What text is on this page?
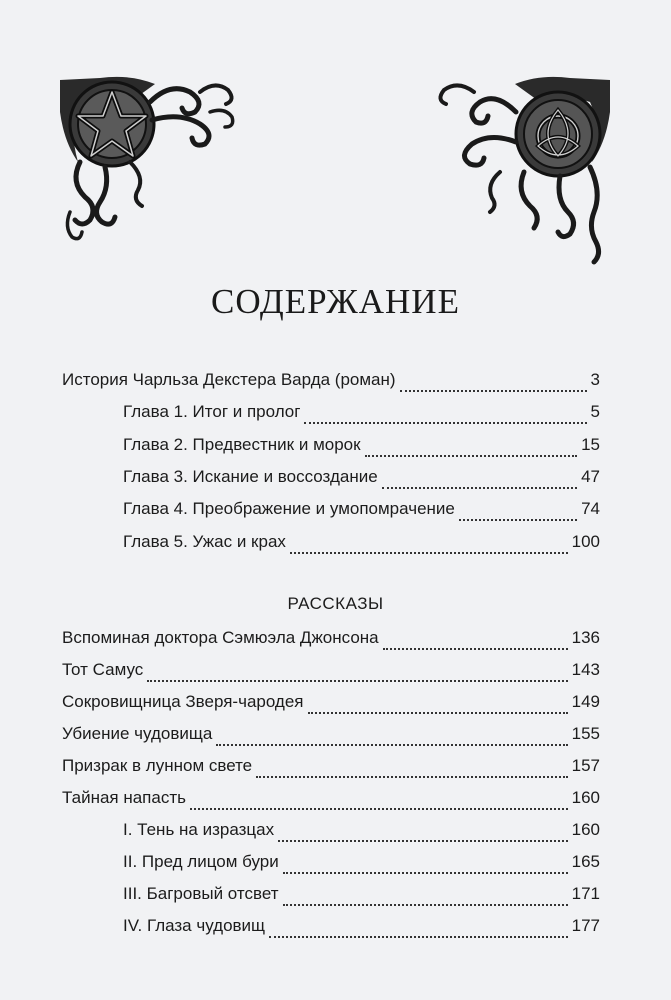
СОДЕРЖАНИЕ
История Чарльза Декстера Варда (роман)	3
Глава 1. Итог и пролог	5
Глава 2. Предвестник и морок	15
Глава 3. Искание и воссоздание	47
Глава 4. Преображение и умопомрачение	74
Глава 5. Ужас и крах	100
РАССКАЗЫ
Вспоминая доктора Сэмюэла Джонсона	136
Тот Самус	143
Сокровищница Зверя-чародея	149
Убиение чудовища	155
Призрак в лунном свете	157
Тайная напасть	160
I. Тень на изразцах	160
II. Пред лицом бури	165
III. Багровый отсвет	171
IV. Глаза чудовищ	177
